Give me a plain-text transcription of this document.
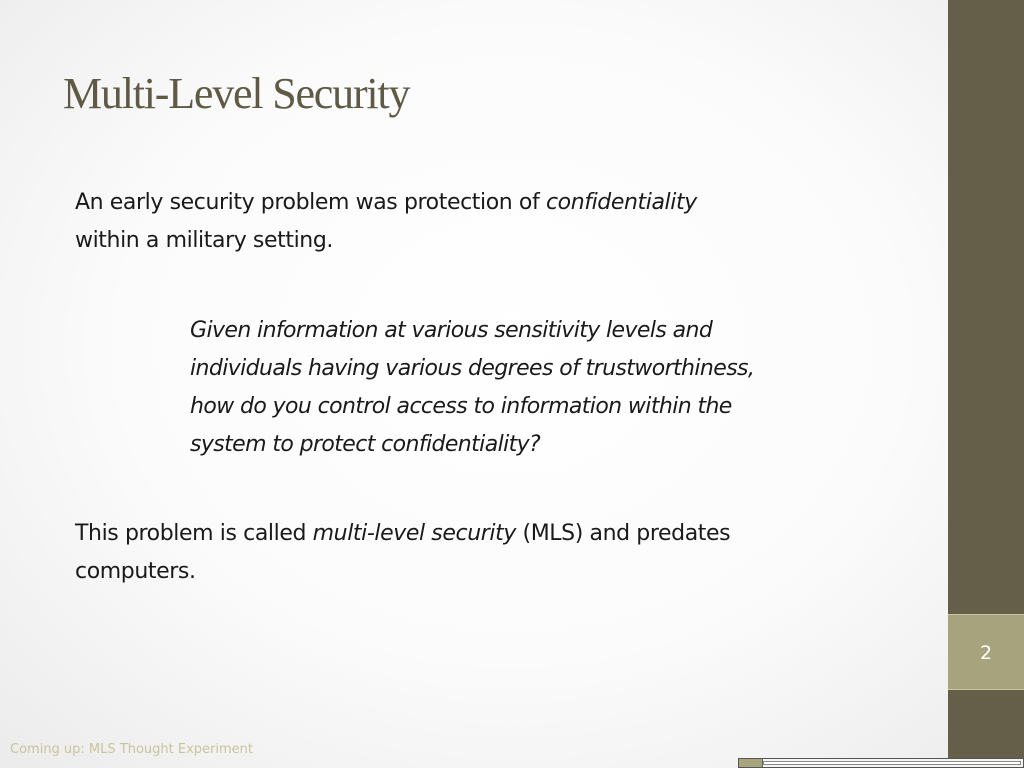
Multi-Level Security

An early security problem was protection of confidentiality
within a military setting.

Given information at various sensitivity levels and
individuals having various degrees of trustworthiness,
how do you control access to information within the
system to protect confidentiality?

This problem is called multi-level security (MLS) and predates
computers.

Coming up: MLS Thought Experiment
2
